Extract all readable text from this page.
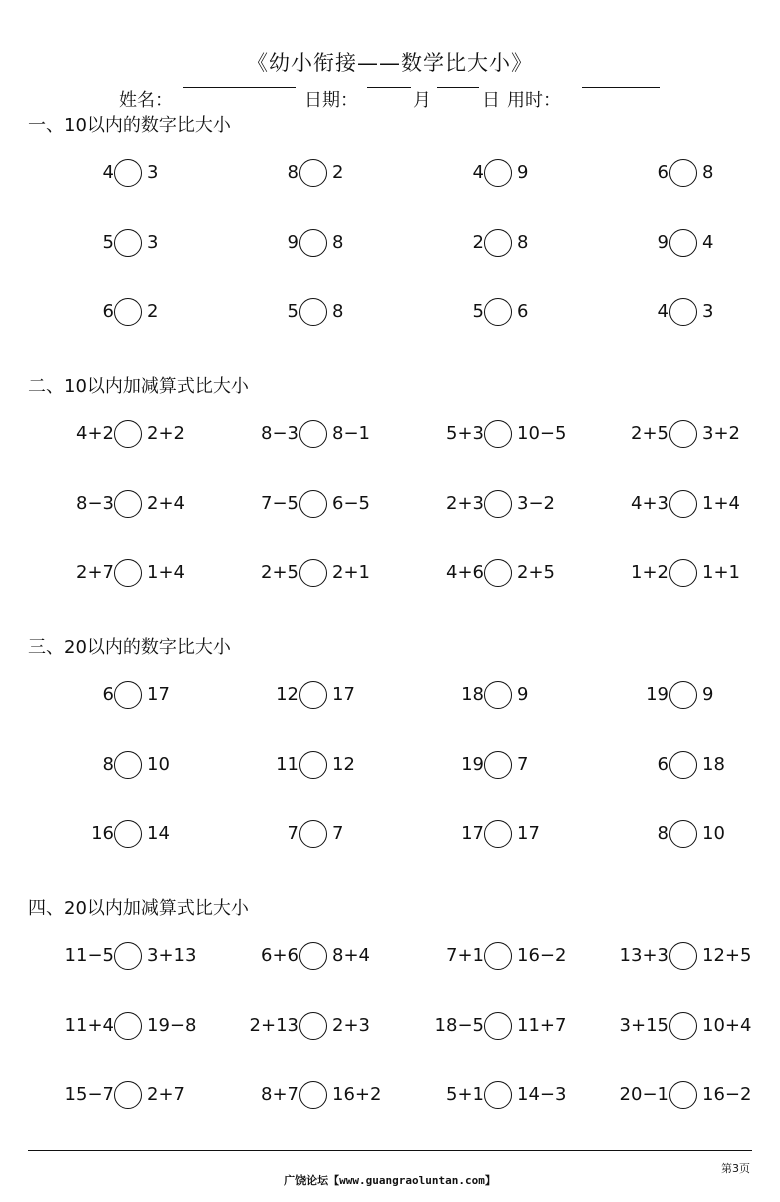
《幼小衔接——数学比大小》
姓名：	日期：	月	日 用时：
一、10以内的数字比大小
4 3	8 2	4 9	6 8
5 3	9 8	2 8	9 4
6 2	5 8	5 6	4 3
二、10以内加减算式比大小
4+2 2+2	8−3 8−1	5+3 10−5	2+5 3+2
8−3 2+4	7−5 6−5	2+3 3−2	4+3 1+4
2+7 1+4	2+5 2+1	4+6 2+5	1+2 1+1
三、20以内的数字比大小
6 17	12 17	18 9	19 9
8 10	11 12	19 7	6 18
16 14	7 7	17 17	8 10
四、20以内加减算式比大小
11−5 3+13	6+6 8+4	7+1 16−2	13+3 12+5
11+4 19−8	2+13 2+3	18−5 11+7	3+15 10+4
15−7 2+7	8+7 16+2	5+1 14−3	20−1 16−2
广饶论坛【www.guangraoluntan.com】
第3页
